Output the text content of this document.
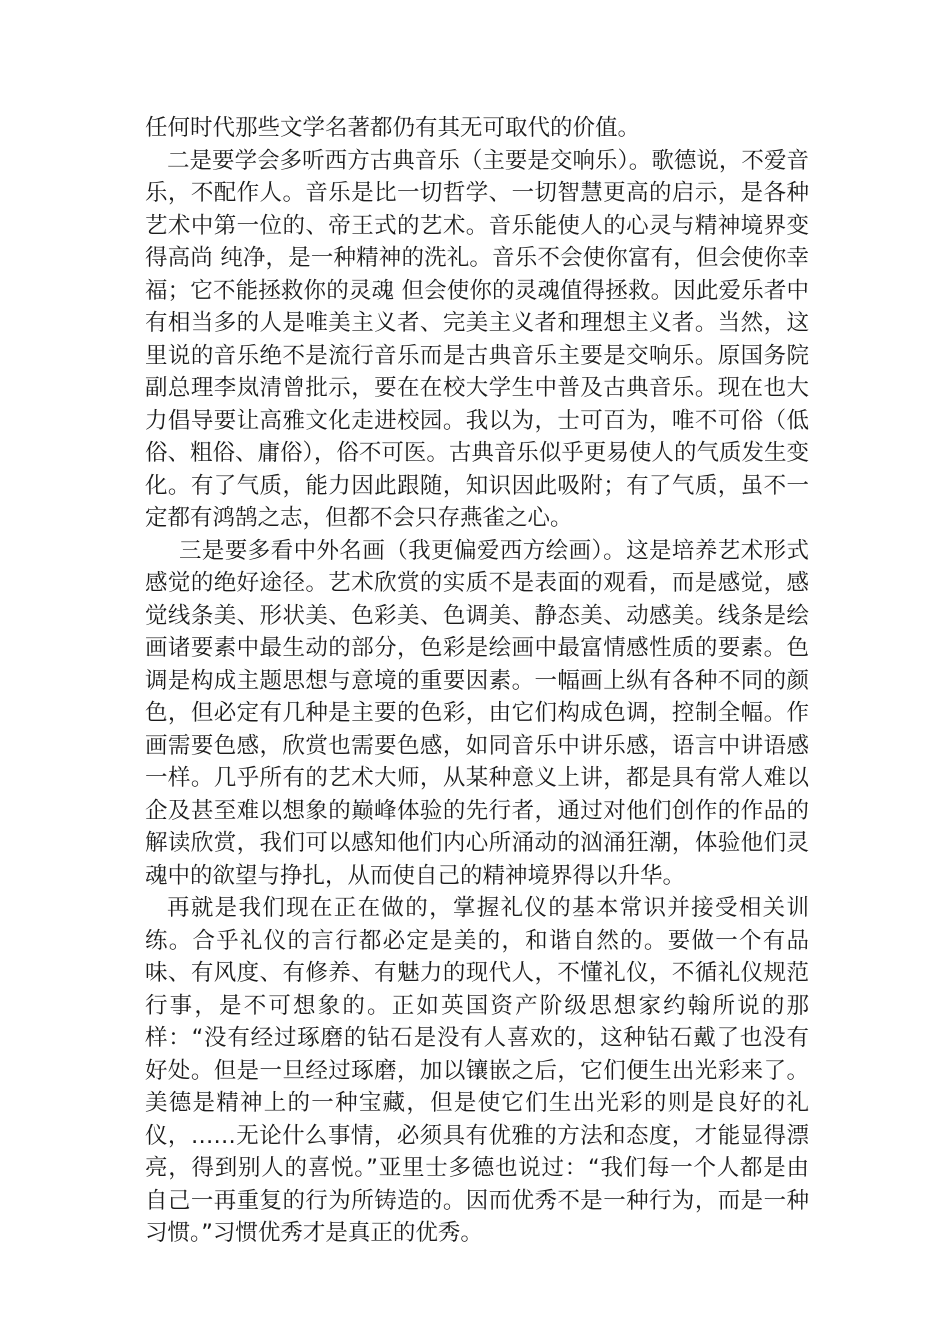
任何时代那些文学名著都仍有其无可取代的价值。

二是要学会多听西方古典音乐（主要是交响乐）。歌德说，不爱音乐，不配作人。音乐是比一切哲学、一切智慧更高的启示，是各种艺术中第一位的、帝王式的艺术。音乐能使人的心灵与精神境界变得高尚 纯净，是一种精神的洗礼。音乐不会使你富有，但会使你幸福；它不能拯救你的灵魂 但会使你的灵魂值得拯救。因此爱乐者中有相当多的人是唯美主义者、完美主义者和理想主义者。当然，这里说的音乐绝不是流行音乐而是古典音乐主要是交响乐。原国务院副总理李岚清曾批示，要在在校大学生中普及古典音乐。现在也大力倡导要让高雅文化走进校园。我以为，士可百为，唯不可俗（低俗、粗俗、庸俗），俗不可医。古典音乐似乎更易使人的气质发生变化。有了气质，能力因此跟随，知识因此吸附；有了气质，虽不一定都有鸿鹄之志，但都不会只存燕雀之心。

三是要多看中外名画（我更偏爱西方绘画）。这是培养艺术形式感觉的绝好途径。艺术欣赏的实质不是表面的观看，而是感觉，感觉线条美、形状美、色彩美、色调美、静态美、动感美。线条是绘画诸要素中最生动的部分，色彩是绘画中最富情感性质的要素。色调是构成主题思想与意境的重要因素。一幅画上纵有各种不同的颜色，但必定有几种是主要的色彩，由它们构成色调，控制全幅。作画需要色感，欣赏也需要色感，如同音乐中讲乐感，语言中讲语感一样。几乎所有的艺术大师，从某种意义上讲，都是具有常人难以企及甚至难以想象的巅峰体验的先行者，通过对他们创作的作品的解读欣赏，我们可以感知他们内心所涌动的汹涌狂潮，体验他们灵魂中的欲望与挣扎，从而使自己的精神境界得以升华。

再就是我们现在正在做的，掌握礼仪的基本常识并接受相关训练。合乎礼仪的言行都必定是美的，和谐自然的。要做一个有品味、有风度、有修养、有魅力的现代人，不懂礼仪，不循礼仪规范行事，是不可想象的。正如英国资产阶级思想家约翰所说的那样：“没有经过琢磨的钻石是没有人喜欢的，这种钻石戴了也没有好处。但是一旦经过琢磨，加以镶嵌之后，它们便生出光彩来了。美德是精神上的一种宝藏，但是使它们生出光彩的则是良好的礼仪，……无论什么事情，必须具有优雅的方法和态度，才能显得漂亮，得到别人的喜悦。”亚里士多德也说过：“我们每一个人都是由自己一再重复的行为所铸造的。因而优秀不是一种行为，而是一种习惯。”习惯优秀才是真正的优秀。
